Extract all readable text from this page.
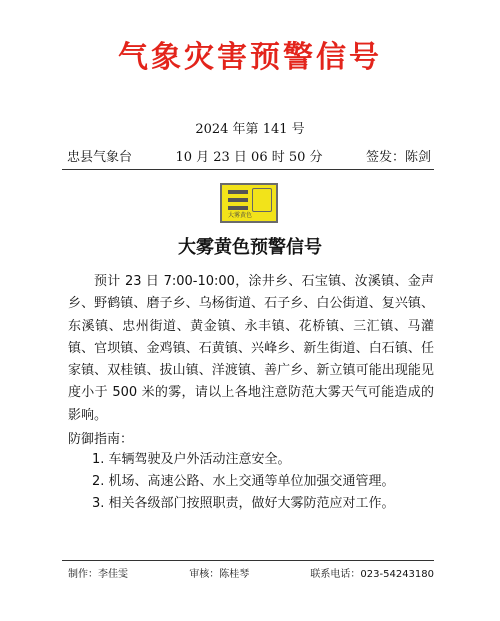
气象灾害预警信号
2024 年第 141 号
忠县气象台	10 月 23 日 06 时 50 分	签发：陈剑
大雾黄色
大雾黄色预警信号
预计 23 日 7:00-10:00，涂井乡、石宝镇、汝溪镇、金声乡、野鹤镇、磨子乡、乌杨街道、石子乡、白公街道、复兴镇、东溪镇、忠州街道、黄金镇、永丰镇、花桥镇、三汇镇、马灌镇、官坝镇、金鸡镇、石黄镇、兴峰乡、新生街道、白石镇、任家镇、双桂镇、拔山镇、洋渡镇、善广乡、新立镇可能出现能见度小于 500 米的雾，请以上各地注意防范大雾天气可能造成的影响。
防御指南：
1. 车辆驾驶及户外活动注意安全。
2. 机场、高速公路、水上交通等单位加强交通管理。
3. 相关各级部门按照职责，做好大雾防范应对工作。
制作：李佳雯	审核：陈桂琴	联系电话：023-54243180
